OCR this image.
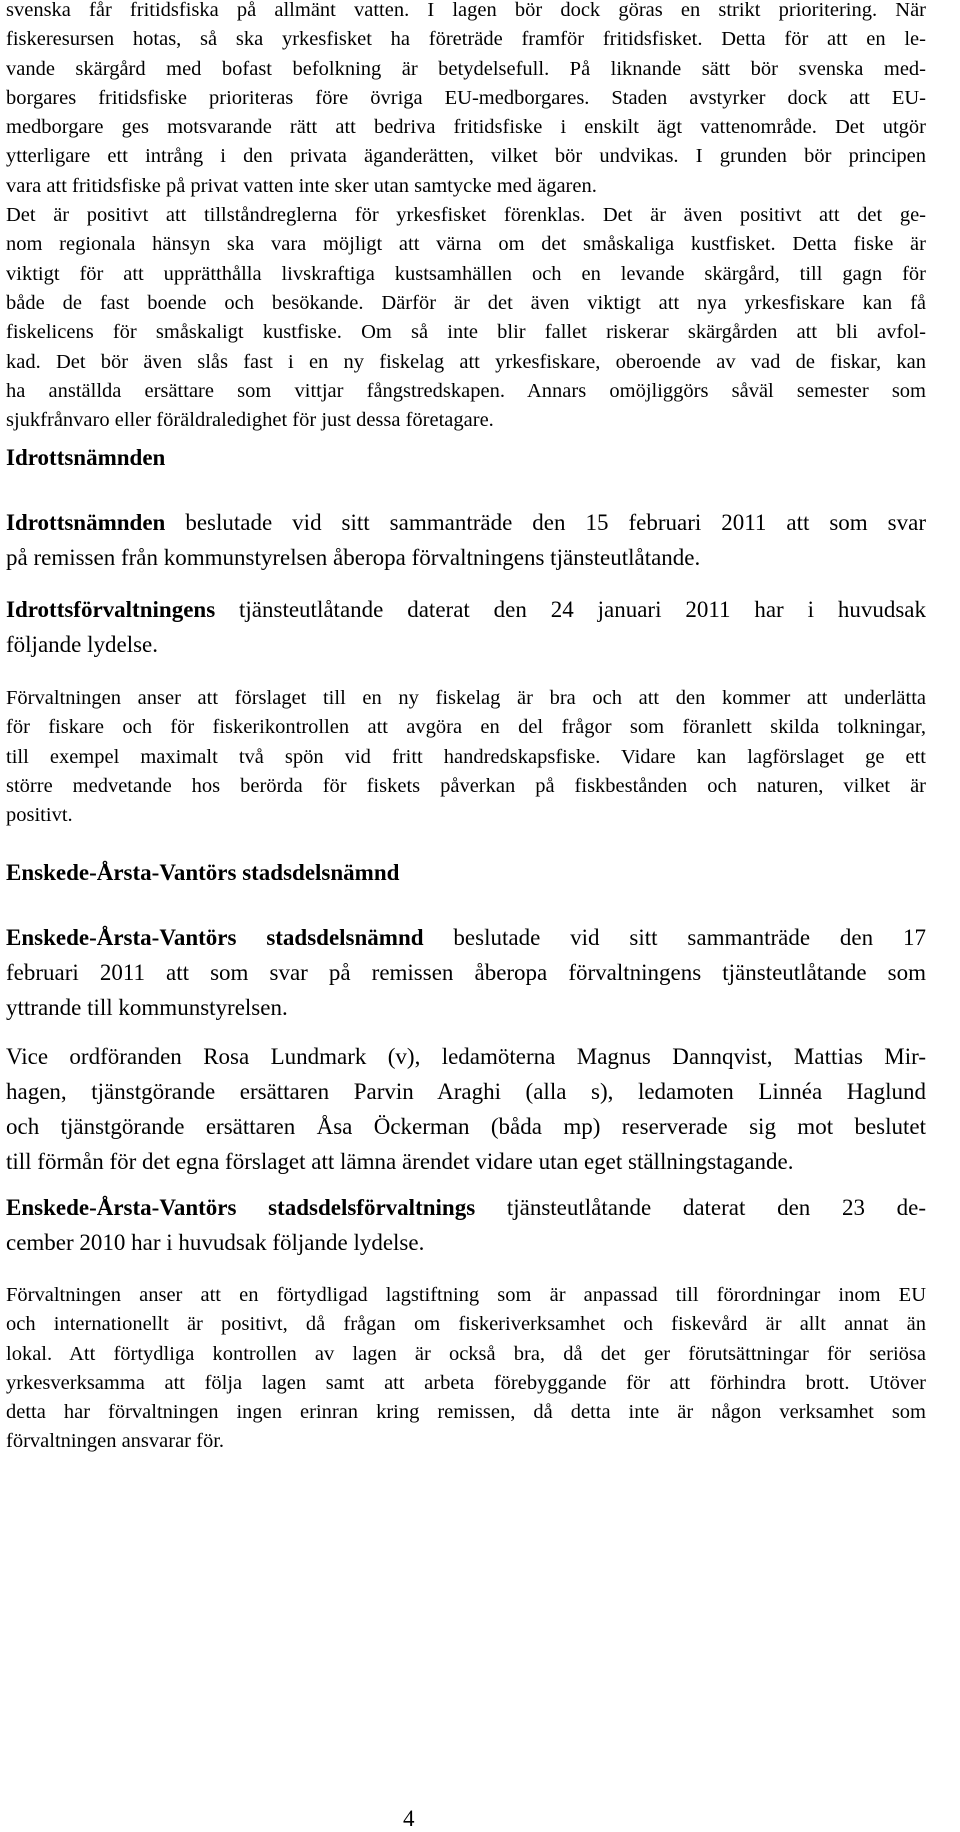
svenska får fritidsfiska på allmänt vatten. I lagen bör dock göras en strikt prioritering. När
fiskeresursen hotas, så ska yrkesfisket ha företräde framför fritidsfisket. Detta för att en le-
vande skärgård med bofast befolkning är betydelsefull. På liknande sätt bör svenska med-
borgares fritidsfiske prioriteras före övriga EU-medborgares. Staden avstyrker dock att EU-
medborgare ges motsvarande rätt att bedriva fritidsfiske i enskilt ägt vattenområde. Det utgör
ytterligare ett intrång i den privata äganderätten, vilket bör undvikas. I grunden bör principen
vara att fritidsfiske på privat vatten inte sker utan samtycke med ägaren.
Det är positivt att tillståndreglerna för yrkesfisket förenklas. Det är även positivt att det ge-
nom regionala hänsyn ska vara möjligt att värna om det småskaliga kustfisket. Detta fiske är
viktigt för att upprätthålla livskraftiga kustsamhällen och en levande skärgård, till gagn för
både de fast boende och besökande. Därför är det även viktigt att nya yrkesfiskare kan få
fiskelicens för småskaligt kustfiske. Om så inte blir fallet riskerar skärgården att bli avfol-
kad. Det bör även slås fast i en ny fiskelag att yrkesfiskare, oberoende av vad de fiskar, kan
ha anställda ersättare som vittjar fångstredskapen. Annars omöjliggörs såväl semester som
sjukfrånvaro eller föräldraledighet för just dessa företagare.
Idrottsnämnden
Idrottsnämnden beslutade vid sitt sammanträde den 15 februari 2011 att som svar
på remissen från kommunstyrelsen åberopa förvaltningens tjänsteutlåtande.
Idrottsförvaltningens tjänsteutlåtande daterat den 24 januari 2011 har i huvudsak
följande lydelse.
Förvaltningen anser att förslaget till en ny fiskelag är bra och att den kommer att underlätta
för fiskare och för fiskerikontrollen att avgöra en del frågor som föranlett skilda tolkningar,
till exempel maximalt två spön vid fritt handredskapsfiske. Vidare kan lagförslaget ge ett
större medvetande hos berörda för fiskets påverkan på fiskbestånden och naturen, vilket är
positivt.
Enskede-Årsta-Vantörs stadsdelsnämnd
Enskede-Årsta-Vantörs stadsdelsnämnd beslutade vid sitt sammanträde den 17
februari 2011 att som svar på remissen åberopa förvaltningens tjänsteutlåtande som
yttrande till kommunstyrelsen.
Vice ordföranden Rosa Lundmark (v), ledamöterna Magnus Dannqvist, Mattias Mir-
hagen, tjänstgörande ersättaren Parvin Araghi (alla s), ledamoten Linnéa Haglund
och tjänstgörande ersättaren Åsa Öckerman (båda mp) reserverade sig mot beslutet
till förmån för det egna förslaget att lämna ärendet vidare utan eget ställningstagande.
Enskede-Årsta-Vantörs stadsdelsförvaltnings tjänsteutlåtande daterat den 23 de-
cember 2010 har i huvudsak följande lydelse.
Förvaltningen anser att en förtydligad lagstiftning som är anpassad till förordningar inom EU
och internationellt är positivt, då frågan om fiskeriverksamhet och fiskevård är allt annat än
lokal. Att förtydliga kontrollen av lagen är också bra, då det ger förutsättningar för seriösa
yrkesverksamma att följa lagen samt att arbeta förebyggande för att förhindra brott. Utöver
detta har förvaltningen ingen erinran kring remissen, då detta inte är någon verksamhet som
förvaltningen ansvarar för.
4
